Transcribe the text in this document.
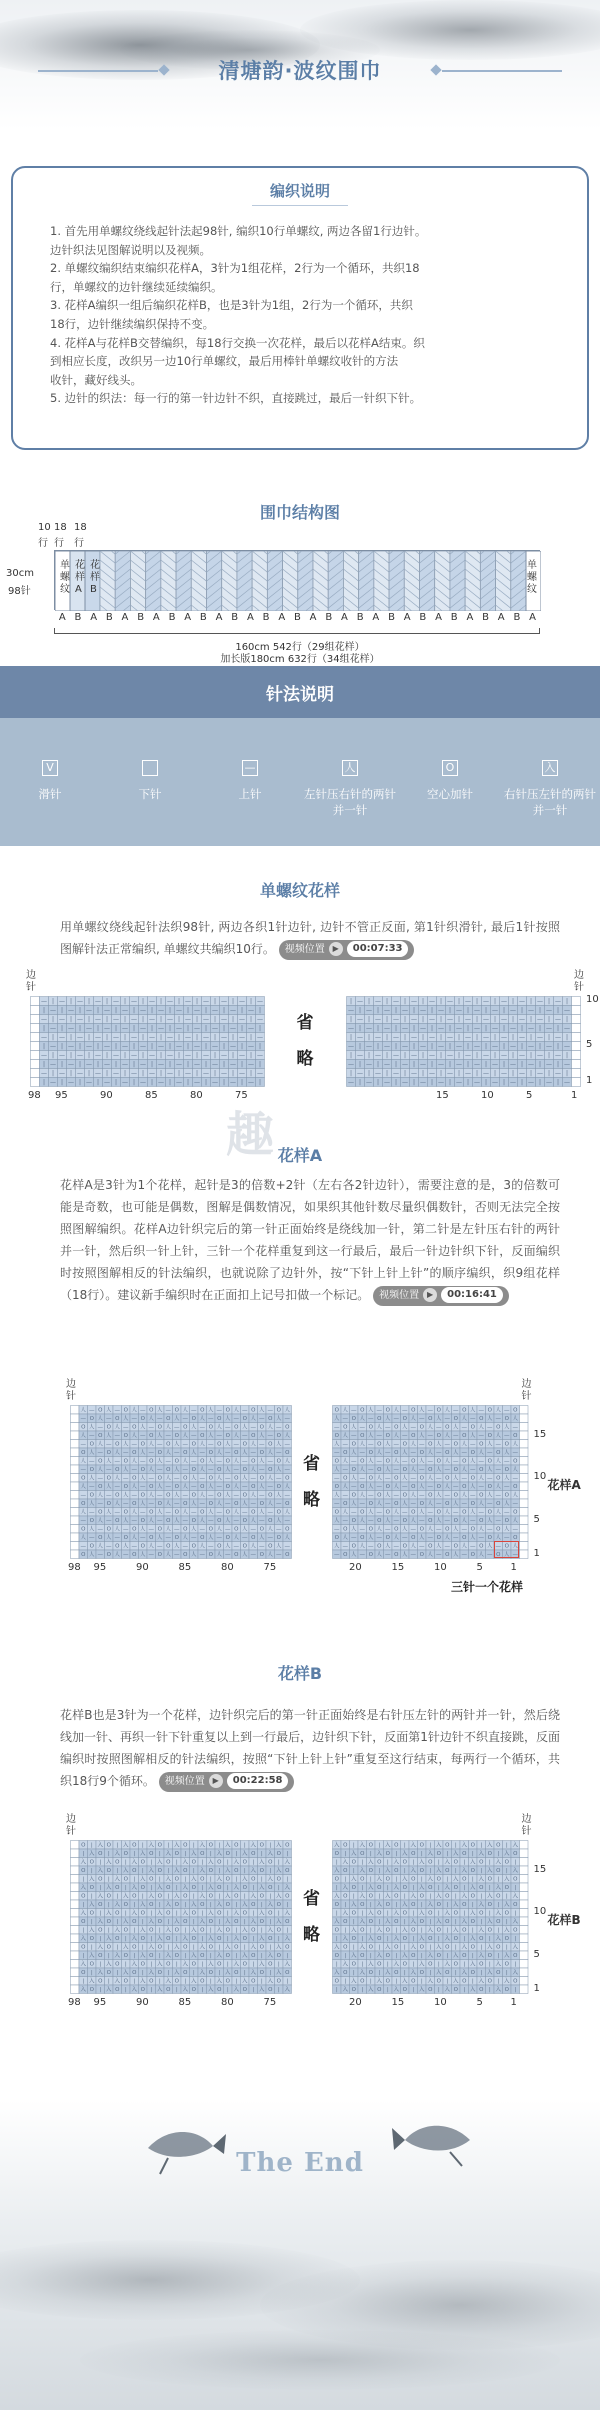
清塘韵·波纹围巾
编织说明
1. 首先用单螺纹绕线起针法起98针, 编织10行单螺纹, 两边各留1行边针。
边针织法见图解说明以及视频。
2. 单螺纹编织结束编织花样A，3针为1组花样，2行为一个循环，共织18
行，单螺纹的边针继续延续编织。
3. 花样A编织一组后编织花样B，也是3针为1组，2行为一个循环，共织
18行，边针继续编织保持不变。
4. 花样A与花样B交替编织，每18行交换一次花样，最后以花样A结束。织
到相应长度，改织另一边10行单螺纹，最后用棒针单螺纹收针的方法
收针，藏好线头。
5. 边针的织法：每一行的第一针边针不织，直接跳过，最后一针织下针。
围巾结构图
10 18 18
行 行 行
30cm
98针
单螺纹
花样A
花样B
单螺纹
A B A B A B A B A B A B A B A B A B A B A B A B A B A B A B A
160cm 542行（29组花样）
加长版180cm 632行（34组花样）
针法说明
V
滑针	下针
—
上针
人
左针压右针的两针并一针
O
空心加针
入
右针压左针的两针并一针
单螺纹花样
用单螺纹绕线起针法织98针, 两边各织1针边针, 边针不管正反面, 第1针织滑针, 最后1针按照图解针法正常编织, 单螺纹共编织10行。 视频位置 ▶ 00:07:33
边针
边针
— | — | — | — | — | — | — | — | — | — | — | — | —
| — | — | — | — | — | — | — | — | — | — | — | — |
— | — | — | — | — | — | — | — | — | — | — | — | —
| — | — | — | — | — | — | — | — | — | — | — | — |
— | — | — | — | — | — | — | — | — | — | — | — | —
| — | — | — | — | — | — | — | — | — | — | — | — |
— | — | — | — | — | — | — | — | — | — | — | — | —
| — | — | — | — | — | — | — | — | — | — | — | — |
— | — | — | — | — | — | — | — | — | — | — | — | —
| — | — | — | — | — | — | — | — | — | — | — | — |
| — | — | — | — | — | — | — | — | — | — | — | — |
— | — | — | — | — | — | — | — | — | — | — | — | —
| — | — | — | — | — | — | — | — | — | — | — | — |
— | — | — | — | — | — | — | — | — | — | — | — | —
| — | — | — | — | — | — | — | — | — | — | — | — |
— | — | — | — | — | — | — | — | — | — | — | — | —
| — | — | — | — | — | — | — | — | — | — | — | — |
— | — | — | — | — | — | — | — | — | — | — | — | —
| — | — | — | — | — | — | — | — | — | — | — | — |
— | — | — | — | — | — | — | — | — | — | — | — | —
省
略
98 95	90	85	80	75	15	10	5	1
10
5
1
趣 花样A
花样A是3针为1个花样，起针是3的倍数+2针（左右各2针边针），需要注意的是，3的倍数可能是奇数，也可能是偶数，图解是偶数情况，如果织其他针数尽量织偶数针，否则无法完全按照图解编织。花样A边针织完后的第一针正面始终是绕线加一针，第二针是左针压右针的两针并一针，然后织一针上针，三针一个花样重复到这一行最后，最后一针边针织下针，反面编织时按照图解相反的针法编织，也就说除了边针外，按“下针上针上针”的顺序编织，织9组花样（18行）。建议新手编织时在正面扣上记号扣做一个标记。 视频位置 ▶ 00:16:41
边针
边针
人 — O 人 — O 人 — O 人 — O 人 — O 人 — O 人 — O 人 — O 人
— O 人 — O 人 — O 人 — O 人 — O 人 — O 人 — O 人 — O 人 —
O 人 — O 人 — O 人 — O 人 — O 人 — O 人 — O 人 — O 人 — O
人 — O 人 — O 人 — O 人 — O 人 — O 人 — O 人 — O 人 — O 人
— O 人 — O 人 — O 人 — O 人 — O 人 — O 人 — O 人 — O 人 —
O 人 — O 人 — O 人 — O 人 — O 人 — O 人 — O 人 — O 人 — O
人 — O 人 — O 人 — O 人 — O 人 — O 人 — O 人 — O 人 — O 人
— O 人 — O 人 — O 人 — O 人 — O 人 — O 人 — O 人 — O 人 —
O 人 — O 人 — O 人 — O 人 — O 人 — O 人 — O 人 — O 人 — O
人 — O 人 — O 人 — O 人 — O 人 — O 人 — O 人 — O 人 — O 人
— O 人 — O 人 — O 人 — O 人 — O 人 — O 人 — O 人 — O 人 —
O 人 — O 人 — O 人 — O 人 — O 人 — O 人 — O 人 — O 人 — O
人 — O 人 — O 人 — O 人 — O 人 — O 人 — O 人 — O 人 — O 人
— O 人 — O 人 — O 人 — O 人 — O 人 — O 人 — O 人 — O 人 —
O 人 — O 人 — O 人 — O 人 — O 人 — O 人 — O 人 — O 人 — O
人 — O 人 — O 人 — O 人 — O 人 — O 人 — O 人 — O 人 — O 人
— O 人 — O 人 — O 人 — O 人 — O 人 — O 人 — O 人 — O 人 —
O 人 — O 人 — O 人 — O 人 — O 人 — O 人 — O 人 — O 人 — O
O 人 — O 人 — O 人 — O 人 — O 人 — O 人 — O 人 — O
人 — O 人 — O 人 — O 人 — O 人 — O 人 — O 人 — O 人
— O 人 — O 人 — O 人 — O 人 — O 人 — O 人 — O 人 —
O 人 — O 人 — O 人 — O 人 — O 人 — O 人 — O 人 — O
人 — O 人 — O 人 — O 人 — O 人 — O 人 — O 人 — O 人
— O 人 — O 人 — O 人 — O 人 — O 人 — O 人 — O 人 —
O 人 — O 人 — O 人 — O 人 — O 人 — O 人 — O 人 — O
人 — O 人 — O 人 — O 人 — O 人 — O 人 — O 人 — O 人
— O 人 — O 人 — O 人 — O 人 — O 人 — O 人 — O 人 —
O 人 — O 人 — O 人 — O 人 — O 人 — O 人 — O 人 — O
人 — O 人 — O 人 — O 人 — O 人 — O 人 — O 人 — O 人
— O 人 — O 人 — O 人 — O 人 — O 人 — O 人 — O 人 —
O 人 — O 人 — O 人 — O 人 — O 人 — O 人 — O 人 — O
人 — O 人 — O 人 — O 人 — O 人 — O 人 — O 人 — O 人
— O 人 — O 人 — O 人 — O 人 — O 人 — O 人 — O 人 —
O 人 — O 人 — O 人 — O 人 — O 人 — O 人 — O 人 — O
人 — O 人 — O 人 — O 人 — O 人 — O 人 — O 人 — O 人
— O 人 — O 人 — O 人 — O 人 — O 人 — O 人 — O 人 —
省
略
98 95	90	85	80	75	20	15	10	5	1
15
10
5
1
花样A
三针一个花样
花样B
花样B也是3针为一个花样，边针织完后的第一针正面始终是右针压左针的两针并一针，然后绕线加一针、再织一针下针重复以上到一行最后，边针织下针，反面第1针边针不织直接跳，反面编织时按照图解相反的针法编织，按照“下针上针上针”重复至这行结束，每两行一个循环，共织18行9个循环。 视频位置 ▶ 00:22:58
边针
边针
O | 入 O | 入 O | 入 O | 入 O | 入 O | 入 O | 入 O | 入 O
| 入 O | 入 O | 入 O | 入 O | 入 O | 入 O | 入 O | 入 O |
入 O | 入 O | 入 O | 入 O | 入 O | 入 O | 入 O | 入 O | 入
O | 入 O | 入 O | 入 O | 入 O | 入 O | 入 O | 入 O | 入 O
| 入 O | 入 O | 入 O | 入 O | 入 O | 入 O | 入 O | 入 O |
入 O | 入 O | 入 O | 入 O | 入 O | 入 O | 入 O | 入 O | 入
O | 入 O | 入 O | 入 O | 入 O | 入 O | 入 O | 入 O | 入 O
| 入 O | 入 O | 入 O | 入 O | 入 O | 入 O | 入 O | 入 O |
入 O | 入 O | 入 O | 入 O | 入 O | 入 O | 入 O | 入 O | 入
O | 入 O | 入 O | 入 O | 入 O | 入 O | 入 O | 入 O | 入 O
| 入 O | 入 O | 入 O | 入 O | 入 O | 入 O | 入 O | 入 O |
入 O | 入 O | 入 O | 入 O | 入 O | 入 O | 入 O | 入 O | 入
O | 入 O | 入 O | 入 O | 入 O | 入 O | 入 O | 入 O | 入 O
| 入 O | 入 O | 入 O | 入 O | 入 O | 入 O | 入 O | 入 O |
入 O | 入 O | 入 O | 入 O | 入 O | 入 O | 入 O | 入 O | 入
O | 入 O | 入 O | 入 O | 入 O | 入 O | 入 O | 入 O | 入 O
| 入 O | 入 O | 入 O | 入 O | 入 O | 入 O | 入 O | 入 O |
入 O | 入 O | 入 O | 入 O | 入 O | 入 O | 入 O | 入 O | 入
入 O | 入 O | 入 O | 入 O | 入 O | 入 O | 入 O | 入
O | 入 O | 入 O | 入 O | 入 O | 入 O | 入 O | 入 O
| 入 O | 入 O | 入 O | 入 O | 入 O | 入 O | 入 O |
入 O | 入 O | 入 O | 入 O | 入 O | 入 O | 入 O | 入
O | 入 O | 入 O | 入 O | 入 O | 入 O | 入 O | 入 O
| 入 O | 入 O | 入 O | 入 O | 入 O | 入 O | 入 O |
入 O | 入 O | 入 O | 入 O | 入 O | 入 O | 入 O | 入
O | 入 O | 入 O | 入 O | 入 O | 入 O | 入 O | 入 O
| 入 O | 入 O | 入 O | 入 O | 入 O | 入 O | 入 O |
入 O | 入 O | 入 O | 入 O | 入 O | 入 O | 入 O | 入
O | 入 O | 入 O | 入 O | 入 O | 入 O | 入 O | 入 O
| 入 O | 入 O | 入 O | 入 O | 入 O | 入 O | 入 O |
入 O | 入 O | 入 O | 入 O | 入 O | 入 O | 入 O | 入
O | 入 O | 入 O | 入 O | 入 O | 入 O | 入 O | 入 O
| 入 O | 入 O | 入 O | 入 O | 入 O | 入 O | 入 O |
入 O | 入 O | 入 O | 入 O | 入 O | 入 O | 入 O | 入
O | 入 O | 入 O | 入 O | 入 O | 入 O | 入 O | 入 O
| 入 O | 入 O | 入 O | 入 O | 入 O | 入 O | 入 O |
省
略
98 95	90	85	80	75	20	15	10	5	1
15
10
5
1
花样B
The End
